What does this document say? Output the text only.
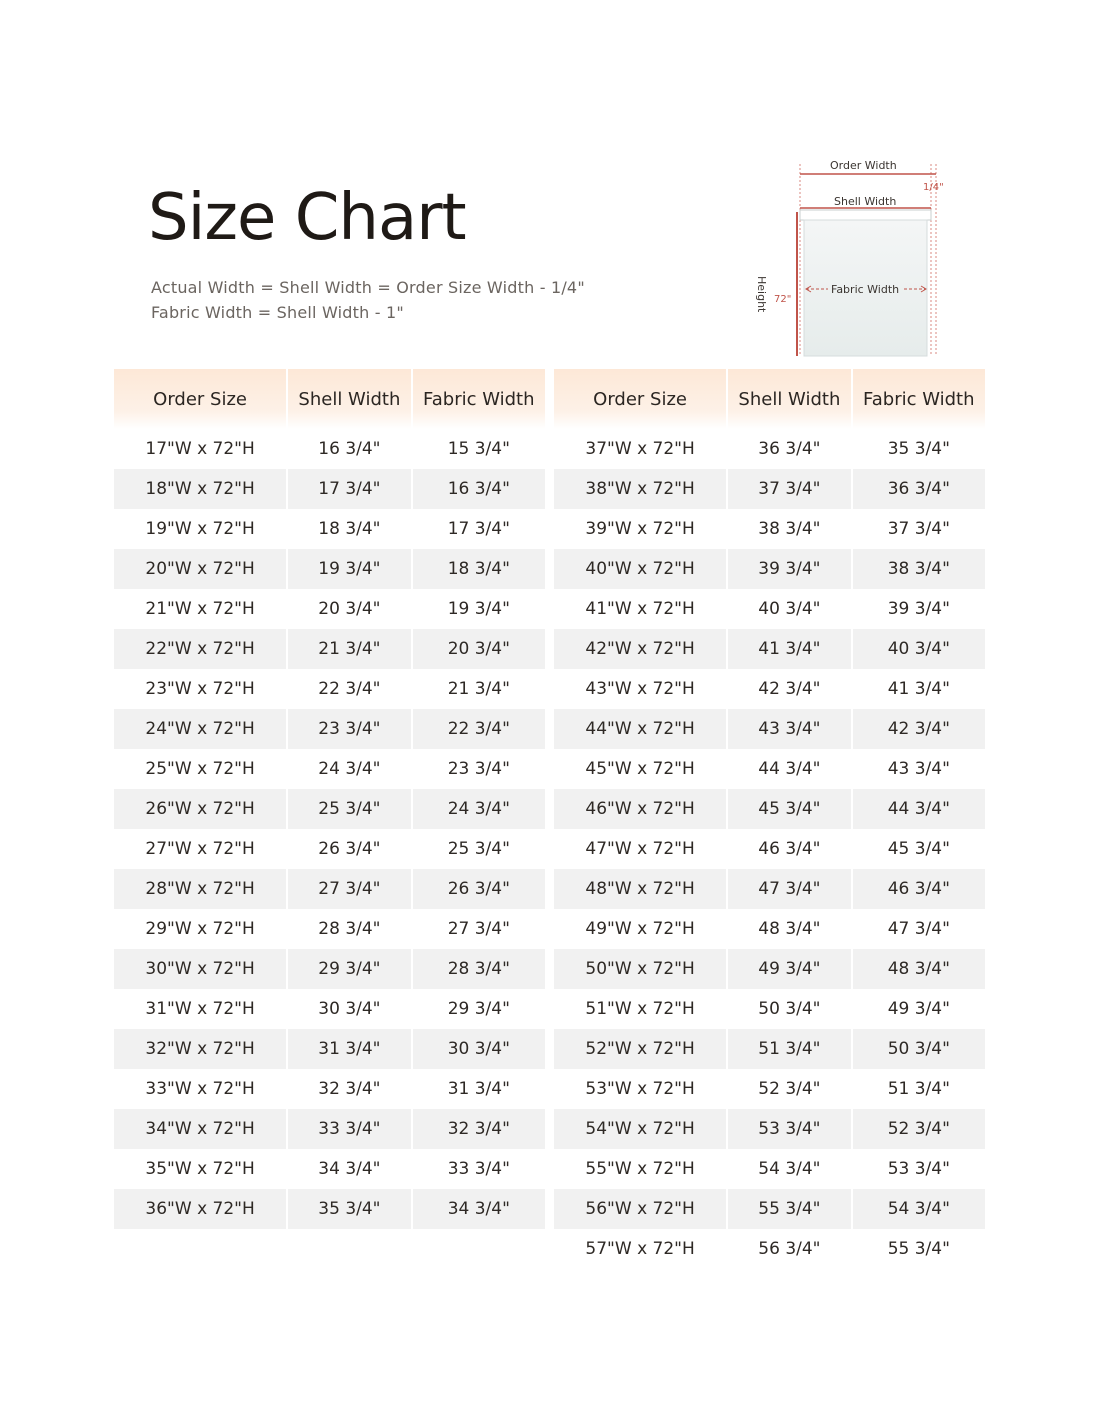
Size Chart
Actual Width = Shell Width = Order Size Width - 1/4"
Fabric Width = Shell Width - 1"
Order Width
1/4"
Shell Width
Height 72"
Fabric Width
Order Size	Shell Width	Fabric Width
17"W x 72"H	16 3/4"	15 3/4"
18"W x 72"H	17 3/4"	16 3/4"
19"W x 72"H	18 3/4"	17 3/4"
20"W x 72"H	19 3/4"	18 3/4"
21"W x 72"H	20 3/4"	19 3/4"
22"W x 72"H	21 3/4"	20 3/4"
23"W x 72"H	22 3/4"	21 3/4"
24"W x 72"H	23 3/4"	22 3/4"
25"W x 72"H	24 3/4"	23 3/4"
26"W x 72"H	25 3/4"	24 3/4"
27"W x 72"H	26 3/4"	25 3/4"
28"W x 72"H	27 3/4"	26 3/4"
29"W x 72"H	28 3/4"	27 3/4"
30"W x 72"H	29 3/4"	28 3/4"
31"W x 72"H	30 3/4"	29 3/4"
32"W x 72"H	31 3/4"	30 3/4"
33"W x 72"H	32 3/4"	31 3/4"
34"W x 72"H	33 3/4"	32 3/4"
35"W x 72"H	34 3/4"	33 3/4"
36"W x 72"H	35 3/4"	34 3/4"
Order Size	Shell Width	Fabric Width
37"W x 72"H	36 3/4"	35 3/4"
38"W x 72"H	37 3/4"	36 3/4"
39"W x 72"H	38 3/4"	37 3/4"
40"W x 72"H	39 3/4"	38 3/4"
41"W x 72"H	40 3/4"	39 3/4"
42"W x 72"H	41 3/4"	40 3/4"
43"W x 72"H	42 3/4"	41 3/4"
44"W x 72"H	43 3/4"	42 3/4"
45"W x 72"H	44 3/4"	43 3/4"
46"W x 72"H	45 3/4"	44 3/4"
47"W x 72"H	46 3/4"	45 3/4"
48"W x 72"H	47 3/4"	46 3/4"
49"W x 72"H	48 3/4"	47 3/4"
50"W x 72"H	49 3/4"	48 3/4"
51"W x 72"H	50 3/4"	49 3/4"
52"W x 72"H	51 3/4"	50 3/4"
53"W x 72"H	52 3/4"	51 3/4"
54"W x 72"H	53 3/4"	52 3/4"
55"W x 72"H	54 3/4"	53 3/4"
56"W x 72"H	55 3/4"	54 3/4"
57"W x 72"H	56 3/4"	55 3/4"
